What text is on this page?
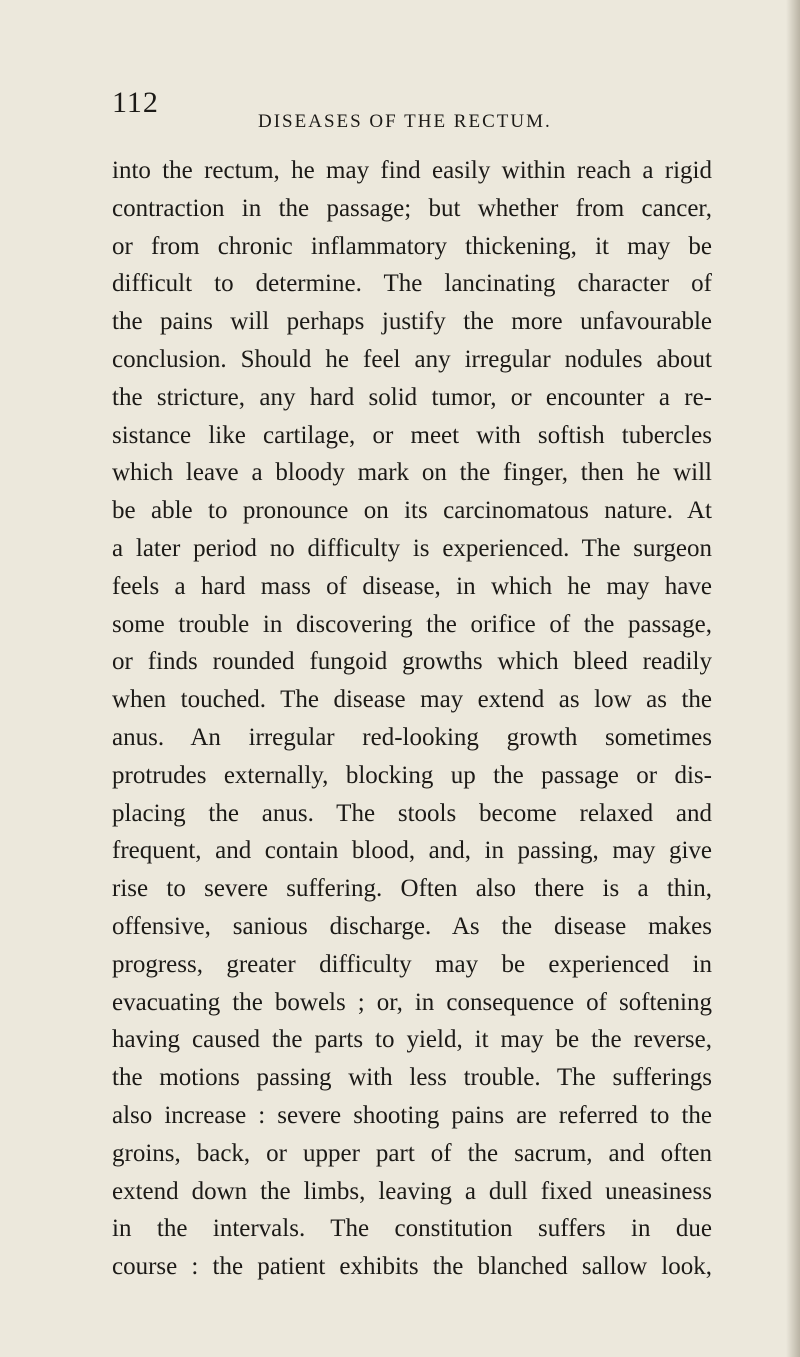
112
DISEASES OF THE RECTUM.
into the rectum, he may find easily within reach a rigid
contraction in the passage; but whether from cancer,
or from chronic inflammatory thickening, it may be
difficult to determine. The lancinating character of
the pains will perhaps justify the more unfavourable
conclusion. Should he feel any irregular nodules about
the stricture, any hard solid tumor, or encounter a re-
sistance like cartilage, or meet with softish tubercles
which leave a bloody mark on the finger, then he will
be able to pronounce on its carcinomatous nature. At
a later period no difficulty is experienced. The surgeon
feels a hard mass of disease, in which he may have
some trouble in discovering the orifice of the passage,
or finds rounded fungoid growths which bleed readily
when touched. The disease may extend as low as the
anus. An irregular red-looking growth sometimes
protrudes externally, blocking up the passage or dis-
placing the anus. The stools become relaxed and
frequent, and contain blood, and, in passing, may give
rise to severe suffering. Often also there is a thin,
offensive, sanious discharge. As the disease makes
progress, greater difficulty may be experienced in
evacuating the bowels ; or, in consequence of softening
having caused the parts to yield, it may be the reverse,
the motions passing with less trouble. The sufferings
also increase : severe shooting pains are referred to the
groins, back, or upper part of the sacrum, and often
extend down the limbs, leaving a dull fixed uneasiness
in the intervals. The constitution suffers in due
course : the patient exhibits the blanched sallow look,
